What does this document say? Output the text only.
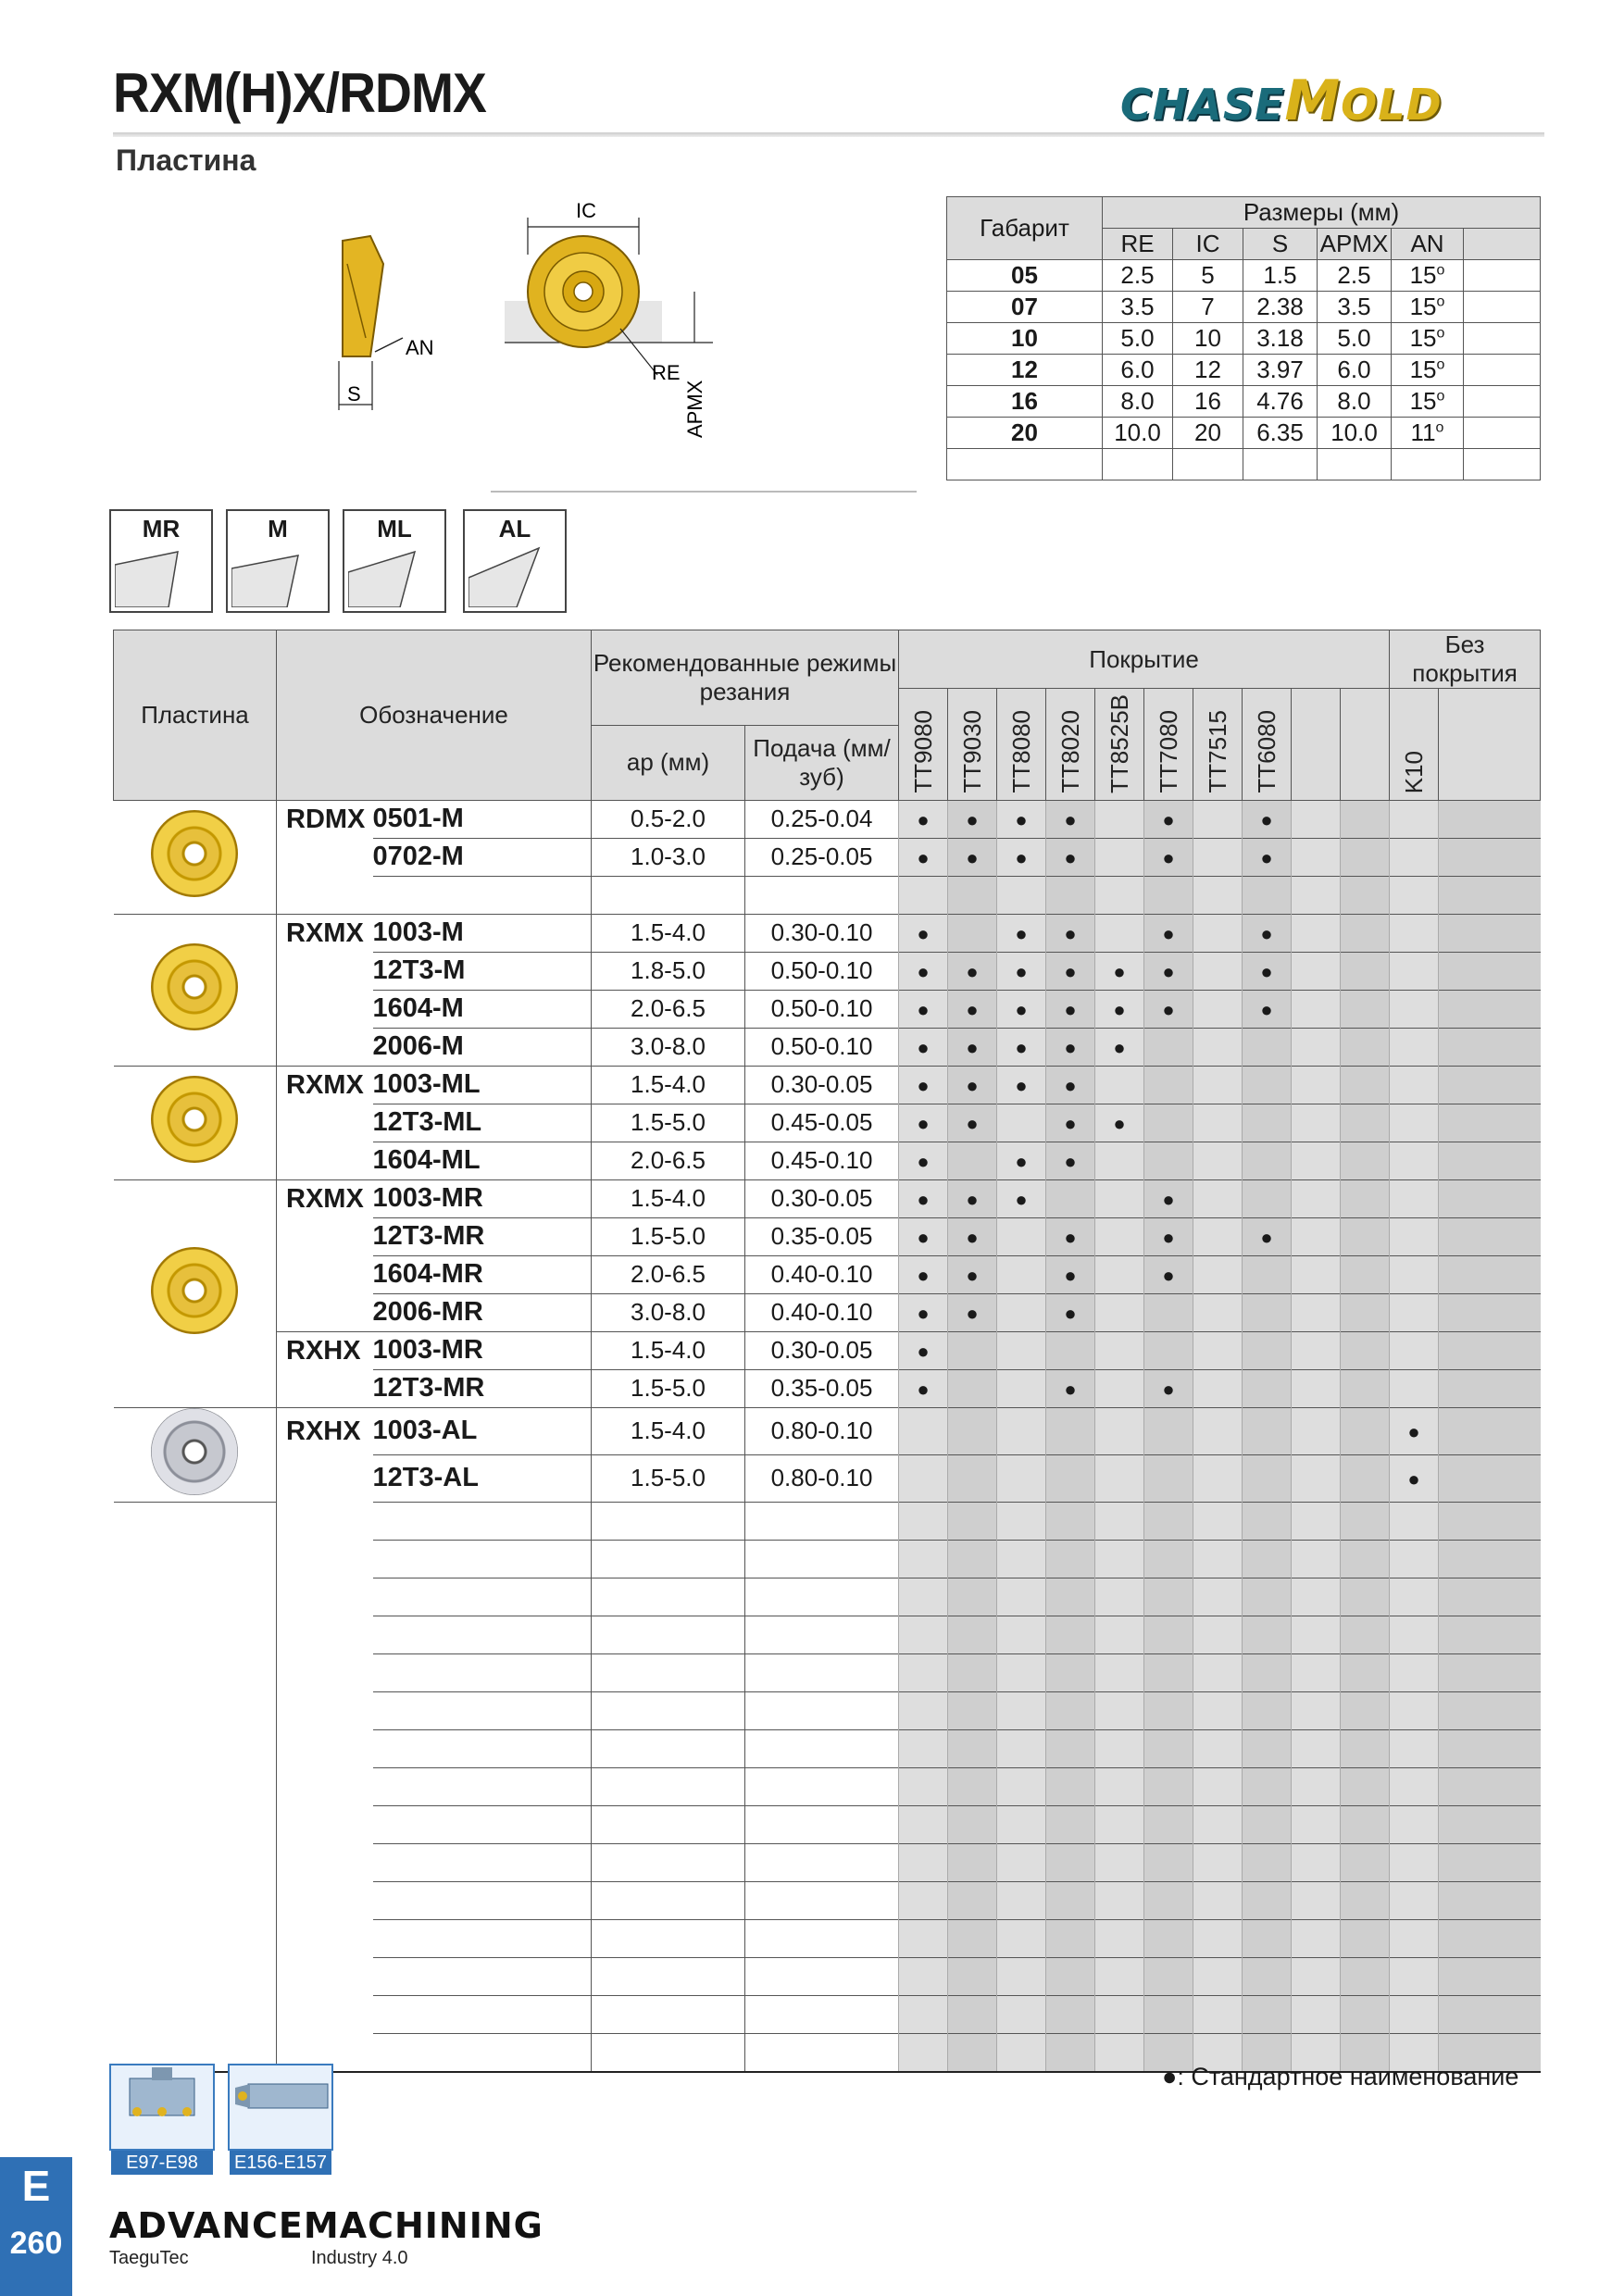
RXM(H)X/RDMX
Пластина
CHASEMOLD
AN
S
IC
RE
APMX
Габарит	Размеры (мм)					
	RE	IC	S	APMX	AN	
05	2.5	5	1.5	2.5	15$^o$	
07	3.5	7	2.38	3.5	15$^o$	
10	5.0	10	3.18	5.0	15$^o$	
12	6.0	12	3.97	6.0	15$^o$	
16	8.0	16	4.76	8.0	15$^o$	
20	10.0	20	6.35	10.0	11$^o$	

MR	M	ML	AL
Пластина	Обозначение		Рекомендованные режимы резания		Покрытие										Без покрытия	
					TT9080	TT9030	TT8080	TT8020	TT8525B	TT7080	TT7515	TT6080			K10	
			ap (мм)	Подача (мм/зуб)												
	RDMX	0501-M	0.5-2.0	0.25-0.04	●	●	●	●		●		●				
		0702-M	1.0-3.0	0.25-0.05	●	●	●	●		●		●				

	RXMX	1003-M	1.5-4.0	0.30-0.10	●		●	●		●		●				
		12T3-M	1.8-5.0	0.50-0.10	●	●	●	●	●	●		●				
		1604-M	2.0-6.5	0.50-0.10	●	●	●	●	●	●		●				
		2006-M	3.0-8.0	0.50-0.10	●	●	●	●	●							
	RXMX	1003-ML	1.5-4.0	0.30-0.05	●	●	●	●								
		12T3-ML	1.5-5.0	0.45-0.05	●	●		●	●							
		1604-ML	2.0-6.5	0.45-0.10	●		●	●								
	RXMX	1003-MR	1.5-4.0	0.30-0.05	●	●	●			●						
		12T3-MR	1.5-5.0	0.35-0.05	●	●		●		●		●				
		1604-MR	2.0-6.5	0.40-0.10	●	●		●		●						
		2006-MR	3.0-8.0	0.40-0.10	●	●		●								
	RXHX	1003-MR	1.5-4.0	0.30-0.05	●											
		12T3-MR	1.5-5.0	0.35-0.05	●			●		●						
	RXHX	1003-AL	1.5-4.0	0.80-0.10											●	
		12T3-AL	1.5-5.0	0.80-0.10											●	

●: Стандартное наименование
E97-E98	E156-E157
E
260 ADVANCEMACHINING
TaeguTec	Industry 4.0
